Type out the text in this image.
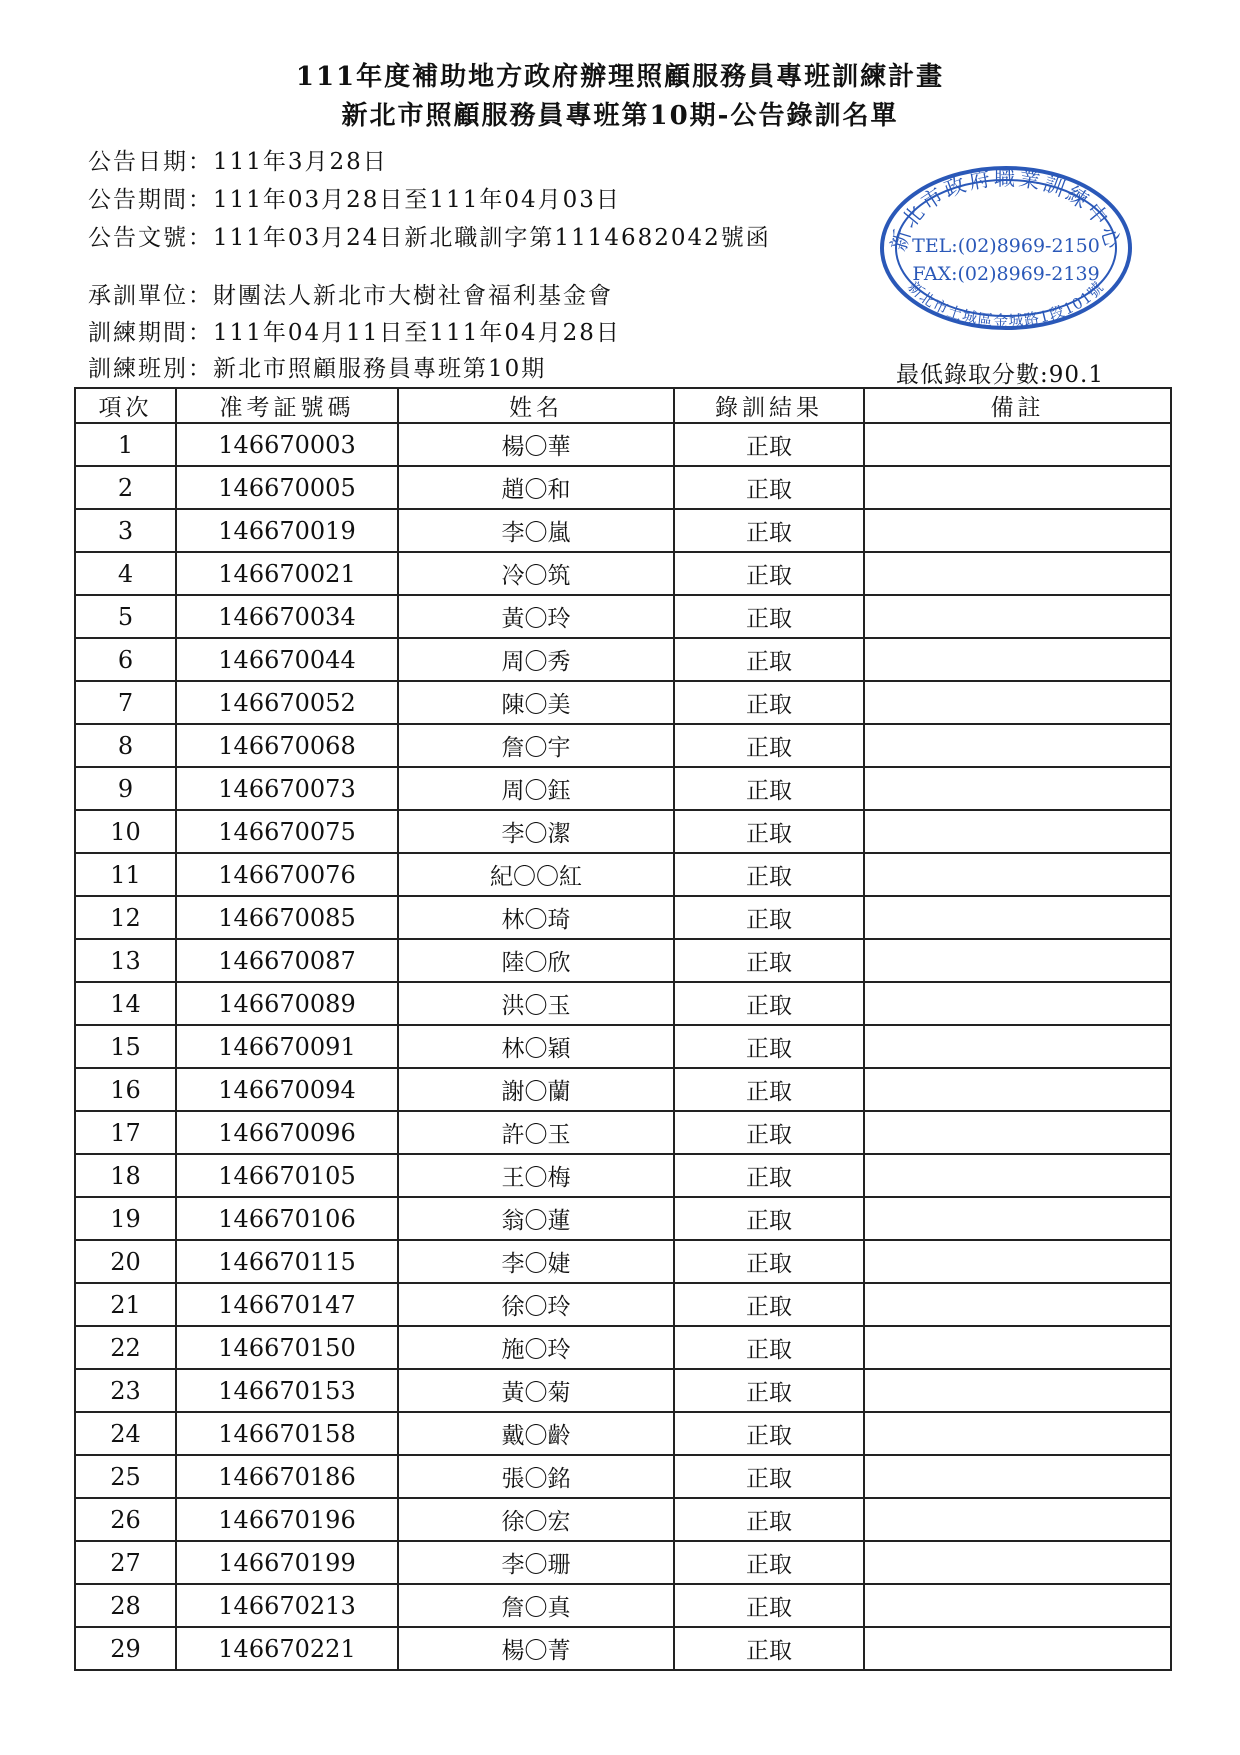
111年度補助地方政府辦理照顧服務員專班訓練計畫
新北市照顧服務員專班第10期-公告錄訓名單
公告日期：111年3月28日
公告期間：111年03月28日至111年04月03日
公告文號：111年03月24日新北職訓字第1114682042號函
承訓單位：財團法人新北市大樹社會福利基金會
訓練期間：111年04月11日至111年04月28日
訓練班別：新北市照顧服務員專班第10期	最低錄取分數:90.1
新北市政府職業訓練中心
TEL:(02)8969-2150
FAX:(02)8969-2139
新北市土城區金城路1段101號
項次	准考証號碼	姓名	錄訓結果	備註
1	146670003	楊〇華	正取	
2	146670005	趙〇和	正取	
3	146670019	李〇嵐	正取	
4	146670021	冷〇筑	正取	
5	146670034	黃〇玲	正取	
6	146670044	周〇秀	正取	
7	146670052	陳〇美	正取	
8	146670068	詹〇宇	正取	
9	146670073	周〇鈺	正取	
10	146670075	李〇潔	正取	
11	146670076	紀〇〇紅	正取	
12	146670085	林〇琦	正取	
13	146670087	陸〇欣	正取	
14	146670089	洪〇玉	正取	
15	146670091	林〇穎	正取	
16	146670094	謝〇蘭	正取	
17	146670096	許〇玉	正取	
18	146670105	王〇梅	正取	
19	146670106	翁〇蓮	正取	
20	146670115	李〇婕	正取	
21	146670147	徐〇玲	正取	
22	146670150	施〇玲	正取	
23	146670153	黃〇菊	正取	
24	146670158	戴〇齡	正取	
25	146670186	張〇銘	正取	
26	146670196	徐〇宏	正取	
27	146670199	李〇珊	正取	
28	146670213	詹〇真	正取	
29	146670221	楊〇菁	正取	
